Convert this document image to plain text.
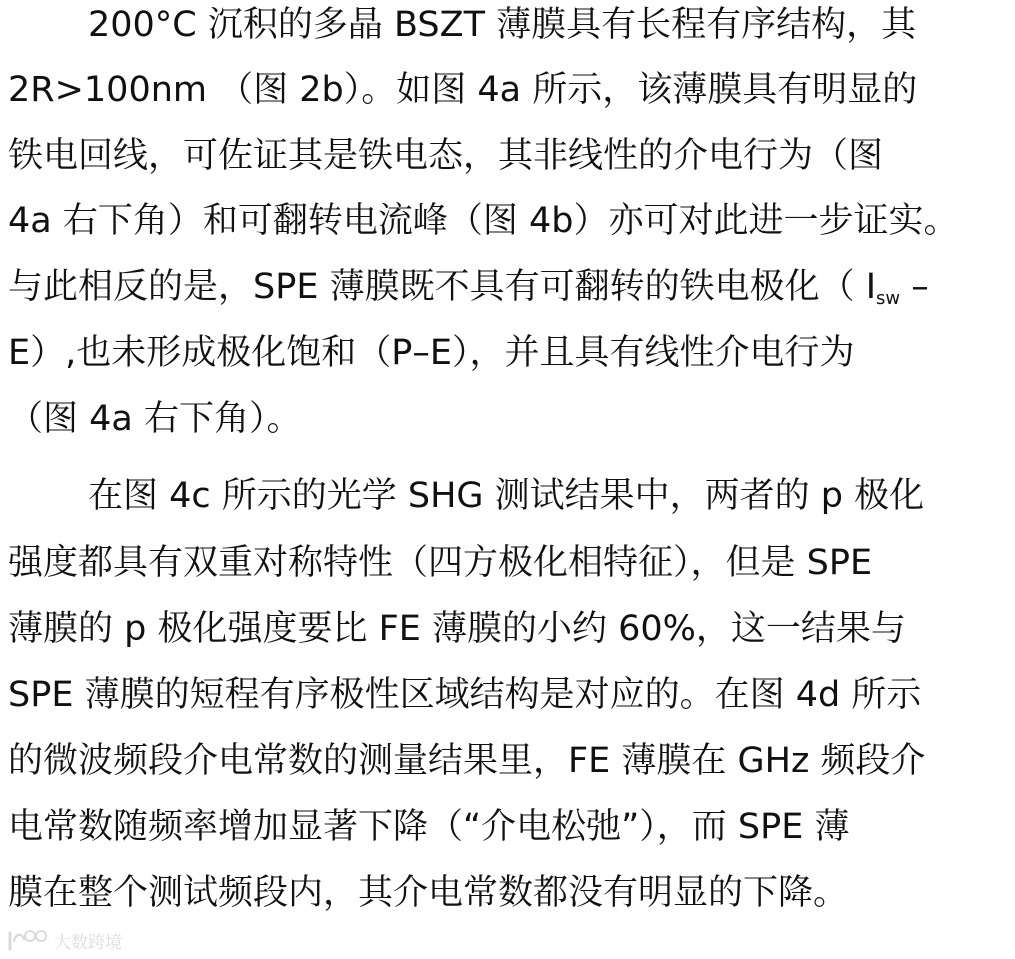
200°C 沉积的多晶 BSZT 薄膜具有长程有序结构，其
2R>100nm （图 2b）。如图 4a 所示，该薄膜具有明显的
铁电回线，可佐证其是铁电态，其非线性的介电行为（图
4a 右下角）和可翻转电流峰（图 4b）亦可对此进一步证实。
与此相反的是，SPE 薄膜既不具有可翻转的铁电极化（ Isw –
E）,也未形成极化饱和（P–E），并且具有线性介电行为
（图 4a 右下角）。
在图 4c 所示的光学 SHG 测试结果中，两者的 p 极化
强度都具有双重对称特性（四方极化相特征），但是 SPE
薄膜的 p 极化强度要比 FE 薄膜的小约 60%，这一结果与
SPE 薄膜的短程有序极性区域结构是对应的。在图 4d 所示
的微波频段介电常数的测量结果里，FE 薄膜在 GHz 频段介
电常数随频率增加显著下降（“介电松弛”），而 SPE 薄
膜在整个测试频段内，其介电常数都没有明显的下降。
大数跨境
